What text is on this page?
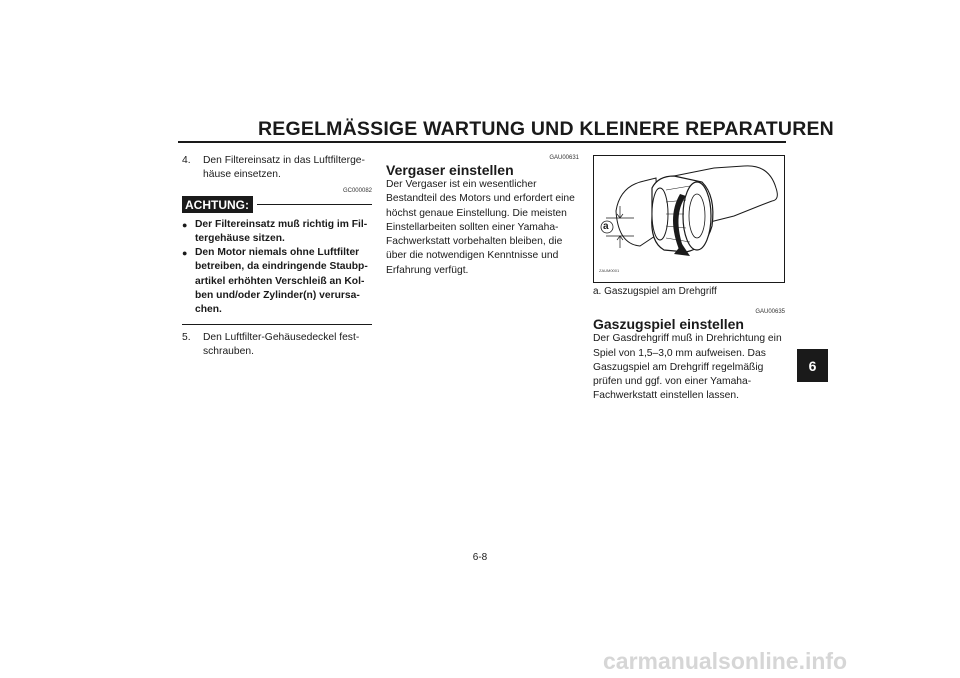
REGELMÄSSIGE WARTUNG UND KLEINERE REPARATUREN
4.	Den Filtereinsatz in das Luftfiltergehäuse einsetzen.
GC000082
ACHTUNG:
● Der Filtereinsatz muß richtig im Filtergehäuse sitzen.
● Den Motor niemals ohne Luftfilter betreiben, da eindringende Staubpartikel erhöhten Verschleiß an Kolben und/oder Zylinder(n) verursachen.
5.	Den Luftfilter-Gehäusedeckel festschrauben.
GAU00631
Vergaser einstellen
Der Vergaser ist ein wesentlicher Bestandteil des Motors und erfordert eine höchst genaue Einstellung. Die meisten Einstellarbeiten sollten einer Yamaha-Fachwerkstatt vorbehalten bleiben, die über die notwendigen Kenntnisse und Erfahrung verfügt.
a
ZAUM0001
a. Gaszugspiel am Drehgriff
GAU00635
Gaszugspiel einstellen
Der Gasdrehgriff muß in Drehrichtung ein Spiel von 1,5–3,0 mm aufweisen. Das Gaszugspiel am Drehgriff regelmäßig prüfen und ggf. von einer Yamaha-Fachwerkstatt einstellen lassen.
6
6-8
carmanualsonline.info
